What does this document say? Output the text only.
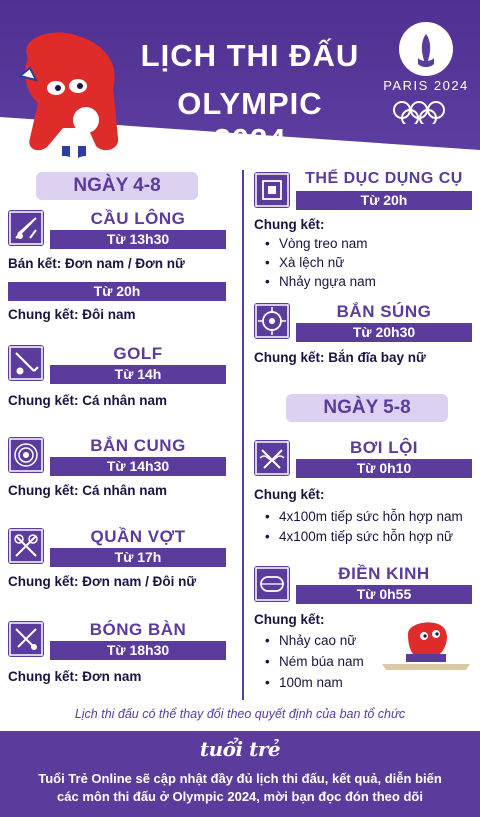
LỊCH THI ĐẤU
OLYMPIC 2024
PARIS 2024
NGÀY 4-8
NGÀY 5-8
CẦU LÔNG
Từ 13h30
Bán kết: Đơn nam / Đơn nữ
Từ 20h
Chung kết: Đôi nam
GOLF
Từ 14h
Chung kết: Cá nhân nam
BẮN CUNG
Từ 14h30
Chung kết: Cá nhân nam
QUẦN VỢT
Từ 17h
Chung kết: Đơn nam / Đôi nữ
BÓNG BÀN
Từ 18h30
Chung kết: Đơn nam
THỂ DỤC DỤNG CỤ
Từ 20h
Chung kết:
• Vòng treo nam
• Xà lệch nữ
• Nhảy ngựa nam
BẮN SÚNG
Từ 20h30
Chung kết: Bắn đĩa bay nữ
BƠI LỘI
Từ 0h10
Chung kết:
• 4x100m tiếp sức hỗn hợp nam
• 4x100m tiếp sức hỗn hợp nữ
ĐIỀN KINH
Từ 0h55
Chung kết:
• Nhảy cao nữ
• Ném búa nam
• 100m nam
Lịch thi đấu có thể thay đổi theo quyết định của ban tổ chức
tuổi trẻ
Tuổi Trẻ Online sẽ cập nhật đầy đủ lịch thi đấu, kết quả, diễn biến
các môn thi đấu ở Olympic 2024, mời bạn đọc đón theo dõi
